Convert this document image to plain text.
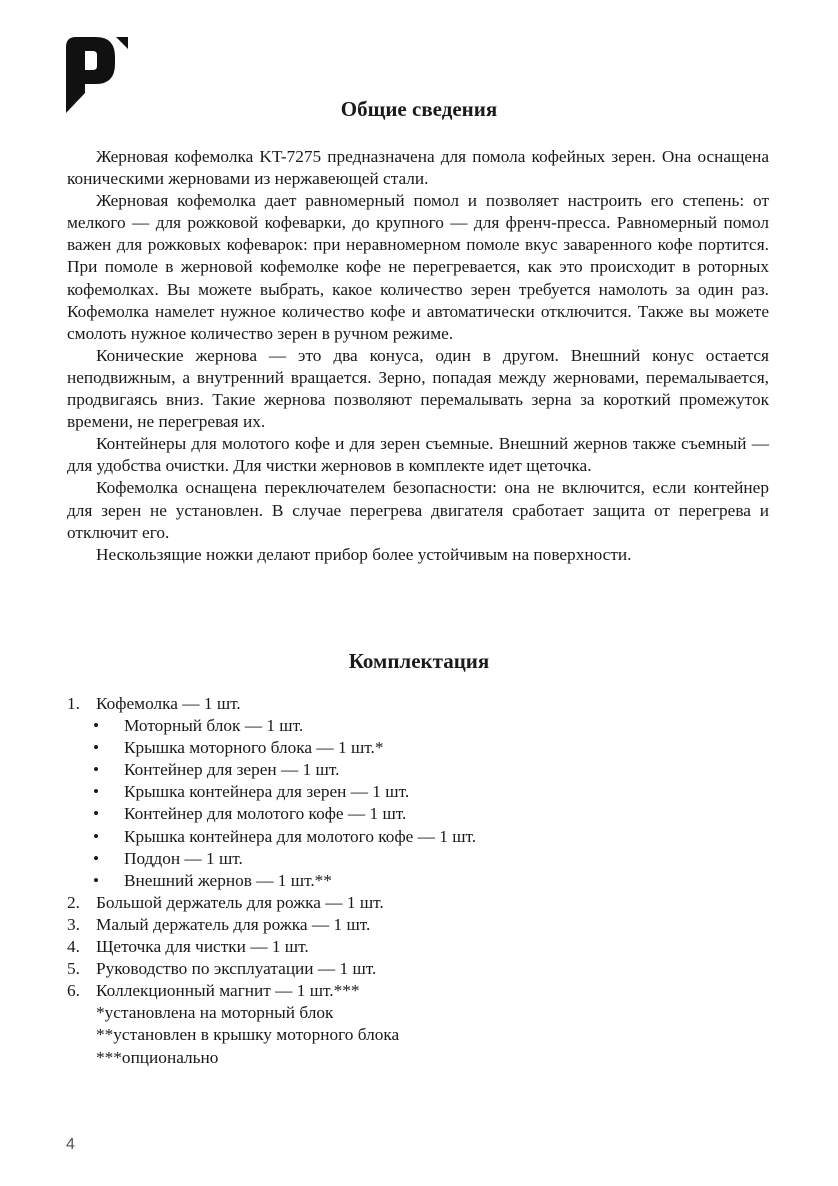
Общие сведения

Жерновая кофемолка KT-7275 предназначена для помола кофейных зерен. Она оснащена коническими жерновами из нержавеющей стали.

Жерновая кофемолка дает равномерный помол и позволяет настроить его степень: от мелкого — для рожковой кофеварки, до крупного — для френч-пресса. Равномерный помол важен для рожковых кофеварок: при неравномерном помоле вкус заваренного кофе портится. При помоле в жерновой кофемолке кофе не перегревается, как это происходит в роторных кофемолках. Вы можете выбрать, какое количество зерен требуется намолоть за один раз. Кофемолка намелет нужное количество кофе и автоматически отключится. Также вы можете смолоть нужное количество зерен в ручном режиме.

Конические жернова — это два конуса, один в другом. Внешний конус остается неподвижным, а внутренний вращается. Зерно, попадая между жерновами, перемалывается, продвигаясь вниз. Такие жернова позволяют перемалывать зерна за короткий промежуток времени, не перегревая их.

Контейнеры для молотого кофе и для зерен съемные. Внешний жернов также съемный — для удобства очистки. Для чистки жерновов в комплекте идет щеточка.

Кофемолка оснащена переключателем безопасности: она не включится, если контейнер для зерен не установлен. В случае перегрева двигателя сработает защита от перегрева и отключит его.

Нескользящие ножки делают прибор более устойчивым на поверхности.

Комплектация
1. Кофемолка — 1 шт.
• Моторный блок — 1 шт.
• Крышка моторного блока — 1 шт.*
• Контейнер для зерен — 1 шт.
• Крышка контейнера для зерен — 1 шт.
• Контейнер для молотого кофе — 1 шт.
• Крышка контейнера для молотого кофе — 1 шт.
• Поддон — 1 шт.
• Внешний жернов — 1 шт.**
2. Большой держатель для рожка — 1 шт.
3. Малый держатель для рожка — 1 шт.
4. Щеточка для чистки — 1 шт.
5. Руководство по эксплуатации — 1 шт.
6. Коллекционный магнит — 1 шт.***
*установлена на моторный блок
**установлен в крышку моторного блока
***опционально
4
